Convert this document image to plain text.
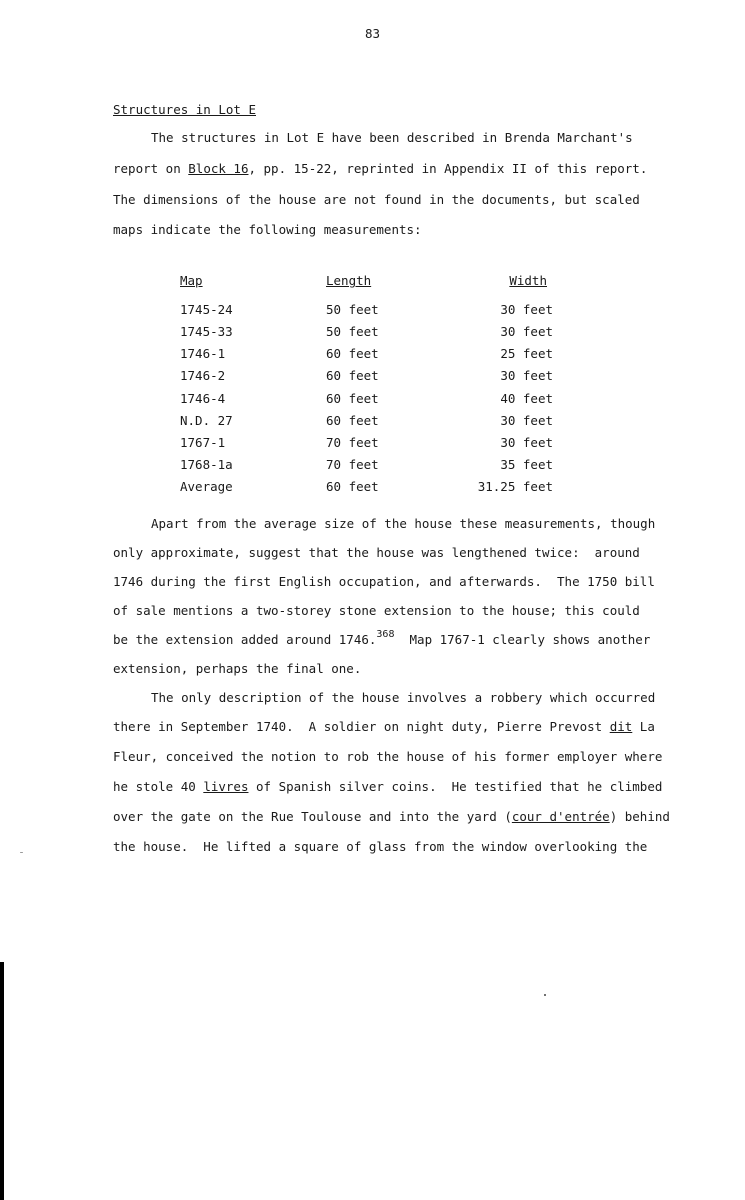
83
Structures in Lot E
The structures in Lot E have been described in Brenda Marchant's
report on Block 16, pp. 15-22, reprinted in Appendix II of this report.
The dimensions of the house are not found in the documents, but scaled
maps indicate the following measurements:
Map	Length	Width
1745-24	50 feet	30 feet
1745-33	50 feet	30 feet
1746-1	60 feet	25 feet
1746-2	60 feet	30 feet
1746-4	60 feet	40 feet
N.D. 27	60 feet	30 feet
1767-1	70 feet	30 feet
1768-1a	70 feet	35 feet
Average	60 feet	31.25 feet
Apart from the average size of the house these measurements, though
only approximate, suggest that the house was lengthened twice:  around
1746 during the first English occupation, and afterwards.  The 1750 bill
of sale mentions a two-storey stone extension to the house; this could
be the extension added around 1746.$^{368}$  Map 1767-1 clearly shows another
extension, perhaps the final one.
The only description of the house involves a robbery which occurred
there in September 1740.  A soldier on night duty, Pierre Prevost dit La
Fleur, conceived the notion to rob the house of his former employer where
he stole 40 livres of Spanish silver coins.  He testified that he climbed
over the gate on the Rue Toulouse and into the yard (cour d'entrée) behind
the house.  He lifted a square of glass from the window overlooking the
